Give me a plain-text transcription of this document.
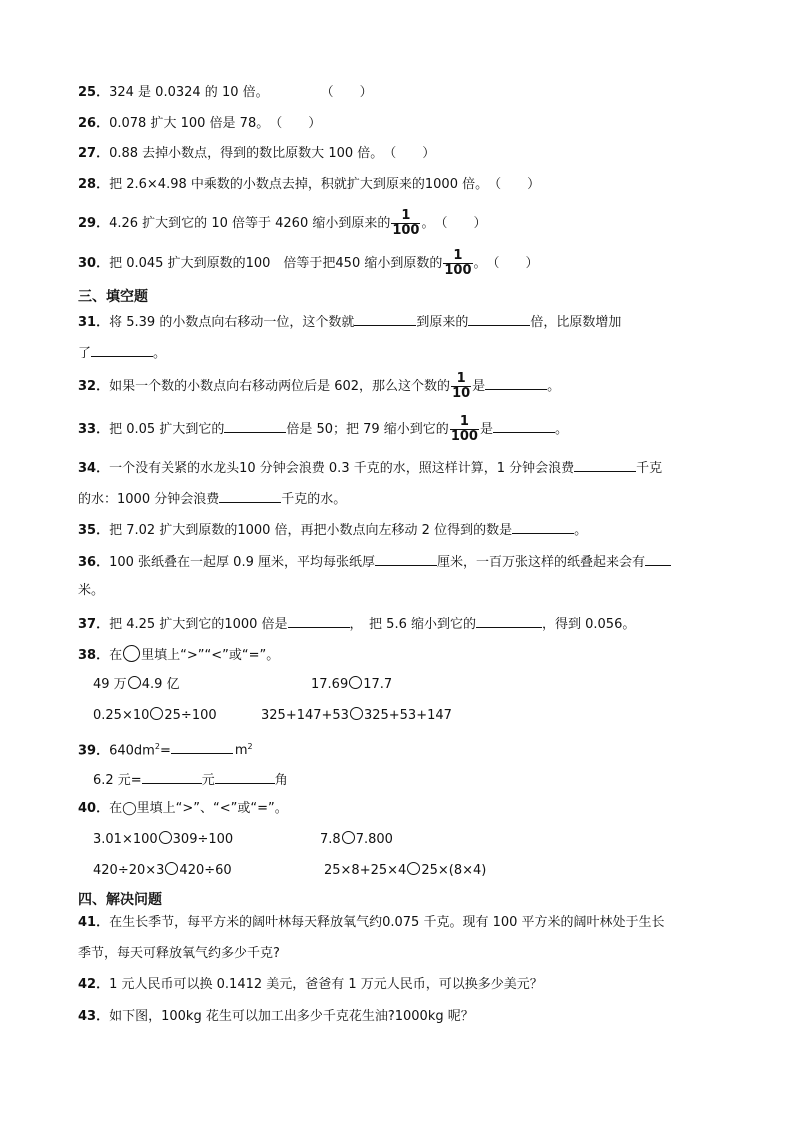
25．324 是 0.0324 的 10 倍。	（　　）
26．0.078 扩大 100 倍是 78。（　　）
27．0.88 去掉小数点，得到的数比原数大 100 倍。（　　）
28．把 2.6×4.98 中乘数的小数点去掉，积就扩大到原来的1000 倍。（　　）
29．4.26 扩大到它的 10 倍等于 4260 缩小到原来的 $\frac{1}{100}$ 。（　　）
30．把 0.045 扩大到原数的100　倍等于把450 缩小到原数的 $\frac{1}{100}$ 。（　　）
三、填空题
31．将 5.39 的小数点向右移动一位，这个数就	到原来的	倍，比原数增加
了	。
32．如果一个数的小数点向右移动两位后是 602，那么这个数的 $\frac{1}{10}$ 是	。
33．把 0.05 扩大到它的	倍是 50；把 79 缩小到它的 $\frac{1}{100}$ 是	。
34．一个没有关紧的水龙头10 分钟会浪费 0.3 千克的水，照这样计算，1 分钟会浪费	千克
的水：1000 分钟会浪费	千克的水。
35．把 7.02 扩大到原数的1000 倍，再把小数点向左移动 2 位得到的数是	。
36．100 张纸叠在一起厚 0.9 厘米，平均每张纸厚	厘米，一百万张这样的纸叠起来会有
米。
37．把 4.25 扩大到它的1000 倍是	，　把 5.6 缩小到它的	，得到 0.056。
38．在 里填上“>”“<”或“=”。
49 万 4.9 亿	17.69 17.7
0.25×10 25÷100	325+147+53 325+53+147
39．$640dm^2=$	$m^2$
6.2 元=	元	角
40．在◯里填上“>”、“<”或“=”。
3.01×100 309÷100	7.8 7.800
420÷20×3 420÷60	25×8+25×4 25×(8×4)
四、解决问题
41．在生长季节，每平方米的阔叶林每天释放氧气约0.075 千克。现有 100 平方米的阔叶林处于生长
季节，每天可释放氧气约多少千克?
42．1 元人民币可以换 0.1412 美元，爸爸有 1 万元人民币，可以换多少美元？
43．如下图，100kg 花生可以加工出多少千克花生油?1000kg 呢？
